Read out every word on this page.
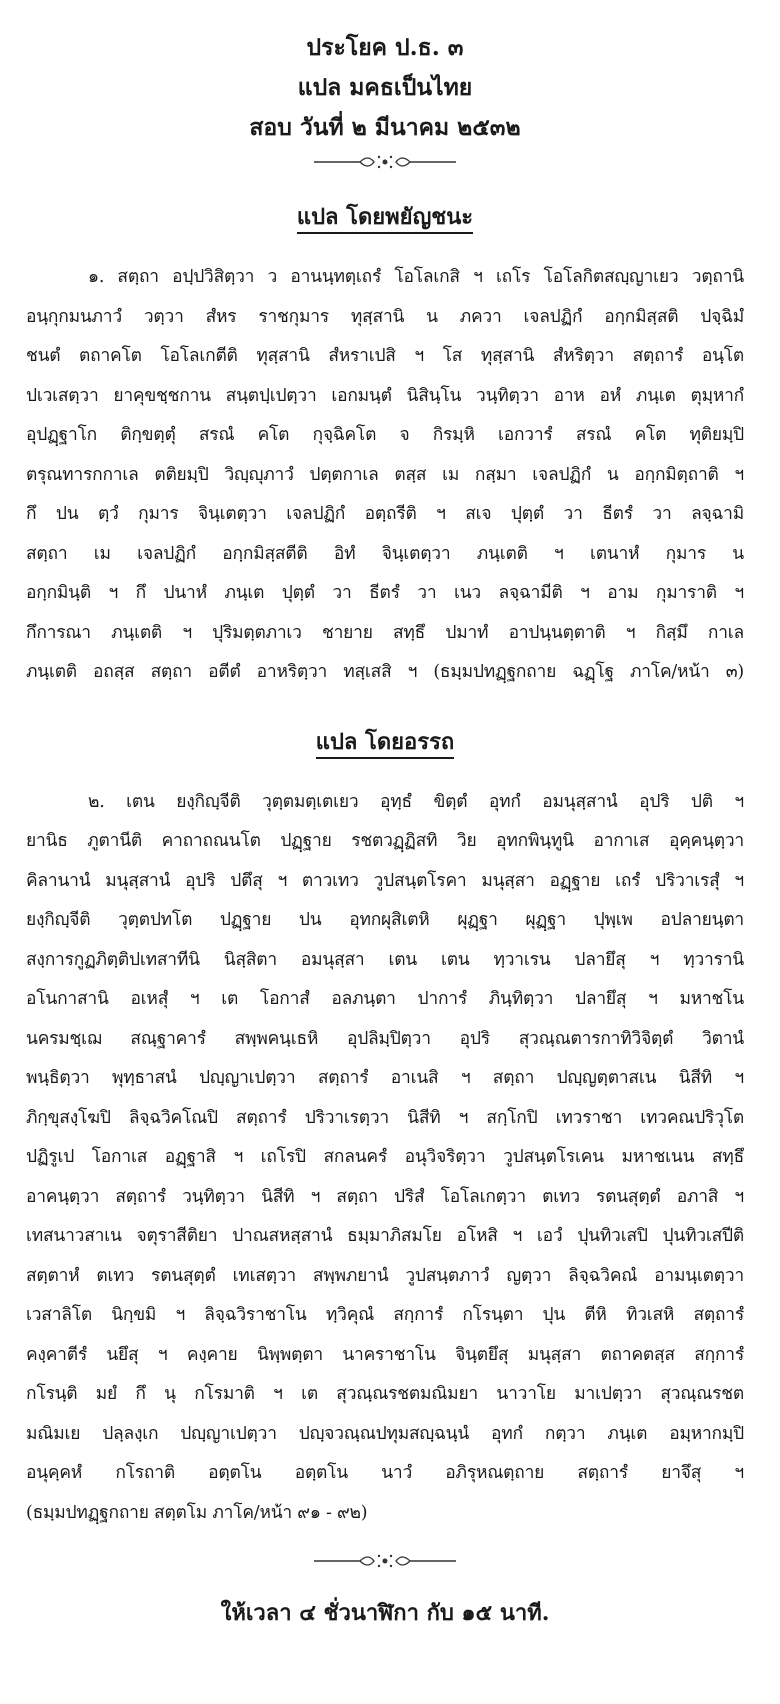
ประโยค ป.ธ. ๓

แปล มคธเป็นไทย

สอบ วันที่ ๒ มีนาคม ๒๕๓๒

แปล โดยพยัญชนะ

๑. สตฺถา อปฺปวิสิตฺวา ว อานนฺทตฺเถรํ โอโลเกสิ ฯ เถโร โอโลกิตสญฺญาเยว วตฺถานิ

อนฺกุกมนภาวํ วตฺวา สํหร ราชกุมาร ทุสฺสานิ น ภควา เจลปฏิกํ อกฺกมิสฺสติ ปจฺฉิมํ

ชนตํ ตถาคโต โอโลเกตีติ ทุสฺสานิ สํหราเปสิ ฯ โส ทุสฺสานิ สํหริตฺวา สตฺถารํ อนฺโต

ปเวเสตฺวา ยาคุขชฺชกาน สนฺตปฺเปตฺวา เอกมนฺตํ นิสินฺโน วนฺทิตฺวา อาห อหํ ภนฺเต ตุมฺหากํ

อุปฏฺฐาโก ติกฺขตฺตุํ สรณํ คโต กุจฺฉิคโต จ กิรมฺหิ เอกวารํ สรณํ คโต ทุติยมฺปิ

ตรุณทารกกาเล ตติยมฺปิ วิญฺญุภาวํ ปตฺตกาเล ตสฺส เม กสฺมา เจลปฏิกํ น อกฺกมิตฺถาติ ฯ

กึ ปน ตฺวํ กุมาร จินฺเตตฺวา เจลปฏิกํ อตฺถรีติ ฯ สเจ ปุตฺตํ วา ธีตรํ วา ลจฺฉามิ

สตฺถา เม เจลปฏิกํ อกฺกมิสฺสตีติ อิทํ จินฺเตตฺวา ภนฺเตติ ฯ เตนาหํ กุมาร น

อกฺกมินฺติ ฯ กึ ปนาหํ ภนฺเต ปุตฺตํ วา ธีตรํ วา เนว ลจฺฉามีติ ฯ อาม กุมาราติ ฯ

กึการณา ภนฺเตติ ฯ ปุริมตฺตภาเว ชายาย สทฺธึ ปมาทํ อาปนฺนตฺตาติ ฯ กิสฺมึ กาเล

ภนฺเตติ อถสฺส สตฺถา อตีตํ อาหริตฺวา ทสฺเสสิ ฯ (ธมฺมปทฏฺฐกถาย ฉฏฺโฐ ภาโค/หน้า ๓)

แปล โดยอรรถ

๒. เตน ยงฺกิญฺจีติ วุตฺตมตฺเตเยว อุทฺธํ ขิตฺตํ อุทกํ อมนุสฺสานํ อุปริ ปติ ฯ

ยานิธ ภูตานีติ คาถาถณนโต ปฏฺฐาย รชตวฏฺฏิสทิ วิย อุทกพินฺทูนิ อากาเส อุคฺคนฺตฺวา

คิลานานํ มนุสฺสานํ อุปริ ปตึสุ ฯ ตาวเทว วูปสนฺตโรคา มนุสฺสา อฏฺฐาย เถรํ ปริวาเรสุํ ฯ

ยงฺกิญฺจีติ วุตฺตปทโต ปฏฺฐาย ปน อุทกผุสิเตหิ ผุฏฺฐา ผุฏฺฐา ปุพฺเพ อปลายนฺตา

สงฺการกูฏภิตฺติปเทสาทีนิ นิสฺสิตา อมนุสฺสา เตน เตน ทฺวาเรน ปลายึสุ ฯ ทฺวารานิ

อโนกาสานิ อเหสุํ ฯ เต โอกาสํ อลภนฺตา ปาการํ ภินฺทิตฺวา ปลายึสุ ฯ มหาชโน

นครมชฺเฌ สณฺฐาคารํ สพฺพคนฺเธหิ อุปลิมฺปิตฺวา อุปริ สุวณฺณตารกาทิวิจิตฺตํ วิตานํ

พนฺธิตฺวา พุทฺธาสนํ ปญฺญาเปตฺวา สตฺถารํ อาเนสิ ฯ สตฺถา ปญฺญตฺตาสเน นิสีทิ ฯ

ภิกฺขุสงฺโฆปิ ลิจฺฉวิคโณปิ สตฺถารํ ปริวาเรตฺวา นิสีทิ ฯ สกฺโกปิ เทวราชา เทวคณปริวุโต

ปฏิรูเป โอกาเส อฏฺฐาสิ ฯ เถโรปิ สกลนครํ อนุวิจริตฺวา วูปสนฺตโรเคน มหาชเนน สทฺธึ

อาคนฺตฺวา สตฺถารํ วนฺทิตฺวา นิสีทิ ฯ สตฺถา ปริสํ โอโลเกตฺวา ตเทว รตนสุตฺตํ อภาสิ ฯ

เทสนาวสาเน จตุราสีติยา ปาณสหสฺสานํ ธมฺมาภิสมโย อโหสิ ฯ เอวํ ปุนทิวเสปิ ปุนทิวเสปีติ

สตฺตาหํ ตเทว รตนสุตฺตํ เทเสตฺวา สพฺพภยานํ วูปสนฺตภาวํ ญตฺวา ลิจฺฉวิคณํ อามนฺเตตฺวา

เวสาลิโต นิกฺขมิ ฯ ลิจฺฉวิราชาโน ทฺวิคุณํ สกฺการํ กโรนฺตา ปุน ตีหิ ทิวเสหิ สตฺถารํ

คงฺคาตีรํ นยึสุ ฯ คงฺคาย นิพฺพตฺตา นาคราชาโน จินฺตยึสุ มนุสฺสา ตถาคตสฺส สกฺการํ

กโรนฺติ มยํ กึ นุ กโรมาติ ฯ เต สุวณฺณรชตมณิมยา นาวาโย มาเปตฺวา สุวณฺณรชต

มณิมเย ปลฺลงฺเก ปญฺญาเปตฺวา ปญฺจวณฺณปทุมสญฺฉนฺนํ อุทกํ กตฺวา ภนฺเต อมฺหากมฺปิ

อนุคฺคหํ กโรถาติ อตฺตโน อตฺตโน นาวํ อภิรุหณตฺถาย สตฺถารํ ยาจึสุ ฯ

(ธมฺมปทฏฺฐกถาย สตฺตโม ภาโค/หน้า ๙๑ - ๙๒)

ให้เวลา ๔ ชั่วนาฬิกา กับ ๑๕ นาที.
